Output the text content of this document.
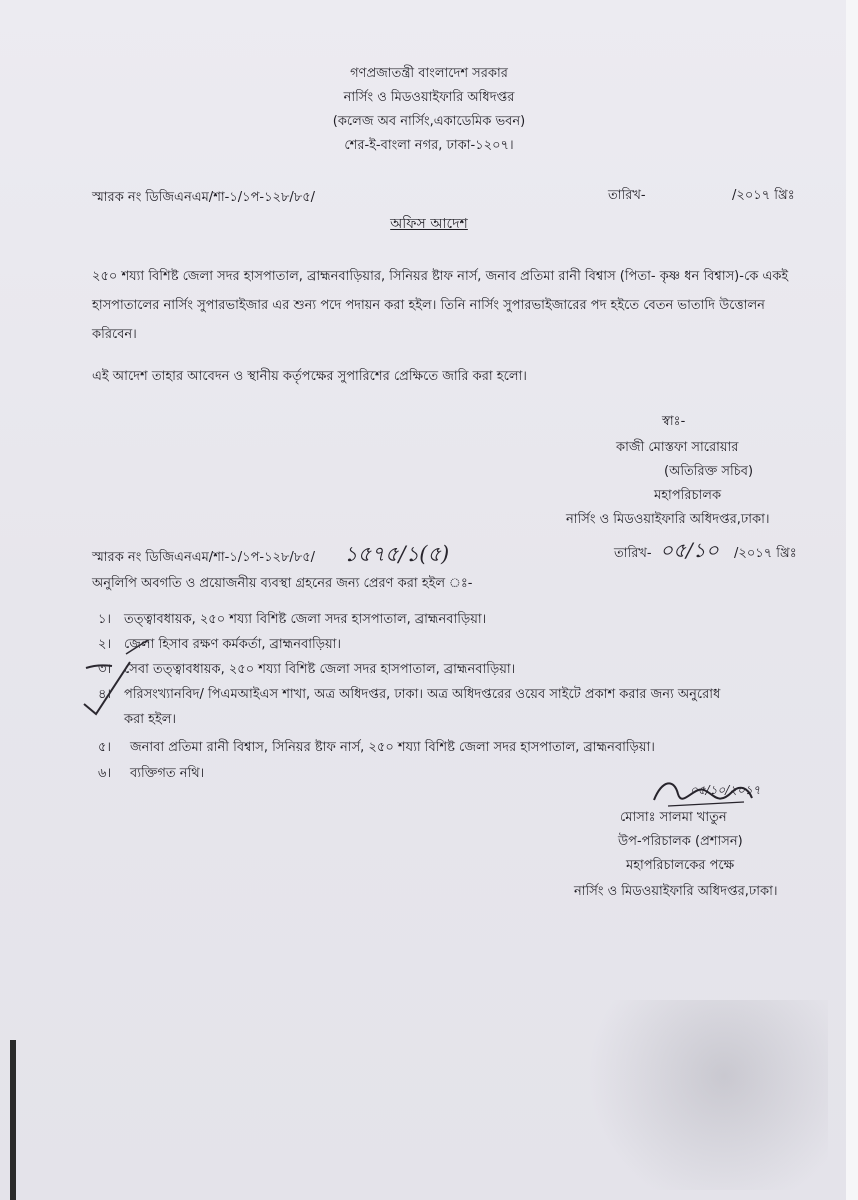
গণপ্রজাতন্ত্রী বাংলাদেশ সরকার
নার্সিং ও মিডওয়াইফারি অধিদপ্তর
(কলেজ অব নার্সিং,একাডেমিক ভবন)
শের-ই-বাংলা নগর, ঢাকা-১২০৭।
স্মারক নং ডিজিএনএম/শা-১/১প-১২৮/৮৫/	তারিখ-	/২০১৭ খ্রিঃ
অফিস আদেশ
২৫০ শয্যা বিশিষ্ট জেলা সদর হাসপাতাল, ব্রাহ্মনবাড়িয়ার, সিনিয়র ষ্টাফ নার্স, জনাব প্রতিমা রানী বিশ্বাস (পিতা- কৃষ্ণ ধন বিশ্বাস)-কে একই হাসপাতালের নার্সিং সুপারভাইজার এর শুন্য পদে পদায়ন করা হইল। তিনি নার্সিং সুপারভাইজারের পদ হইতে বেতন ভাতাদি উত্তোলন করিবেন।
এই আদেশ তাহার আবেদন ও স্থানীয় কর্তৃপক্ষের সুপারিশের প্রেক্ষিতে জারি করা হলো।
স্বাঃ-
কাজী মোস্তফা সারোয়ার
(অতিরিক্ত সচিব)
মহাপরিচালক
নার্সিং ও মিডওয়াইফারি অধিদপ্তর,ঢাকা।
স্মারক নং ডিজিএনএম/শা-১/১প-১২৮/৮৫/ ১৫৭৫/১(৫)	তারিখ- ০৫/১০ /২০১৭ খ্রিঃ
অনুলিপি অবগতি ও প্রয়োজনীয় ব্যবস্থা গ্রহনের জন্য প্রেরণ করা হইল ঃ-
১। তত্ত্বাবধায়ক, ২৫০ শয্যা বিশিষ্ট জেলা সদর হাসপাতাল, ব্রাহ্মনবাড়িয়া।
২। জেলা হিসাব রক্ষণ কর্মকর্তা, ব্রাহ্মনবাড়িয়া।
৩। সেবা তত্ত্বাবধায়ক, ২৫০ শয্যা বিশিষ্ট জেলা সদর হাসপাতাল, ব্রাহ্মনবাড়িয়া।
৪। পরিসংখ্যানবিদ/ পিএমআইএস শাখা, অত্র অধিদপ্তর, ঢাকা। অত্র অধিদপ্তরের ওয়েব সাইটে প্রকাশ করার জন্য অনুরোধ
করা হইল।
৫। জনাবা প্রতিমা রানী বিশ্বাস, সিনিয়র ষ্টাফ নার্স, ২৫০ শয্যা বিশিষ্ট জেলা সদর হাসপাতাল, ব্রাহ্মনবাড়িয়া।
৬। ব্যক্তিগত নথি।
০৫/১০/২০১৭
মোসাঃ সালমা খাতুন
উপ-পরিচালক (প্রশাসন)
মহাপরিচালকের পক্ষে
নার্সিং ও মিডওয়াইফারি অধিদপ্তর,ঢাকা।
